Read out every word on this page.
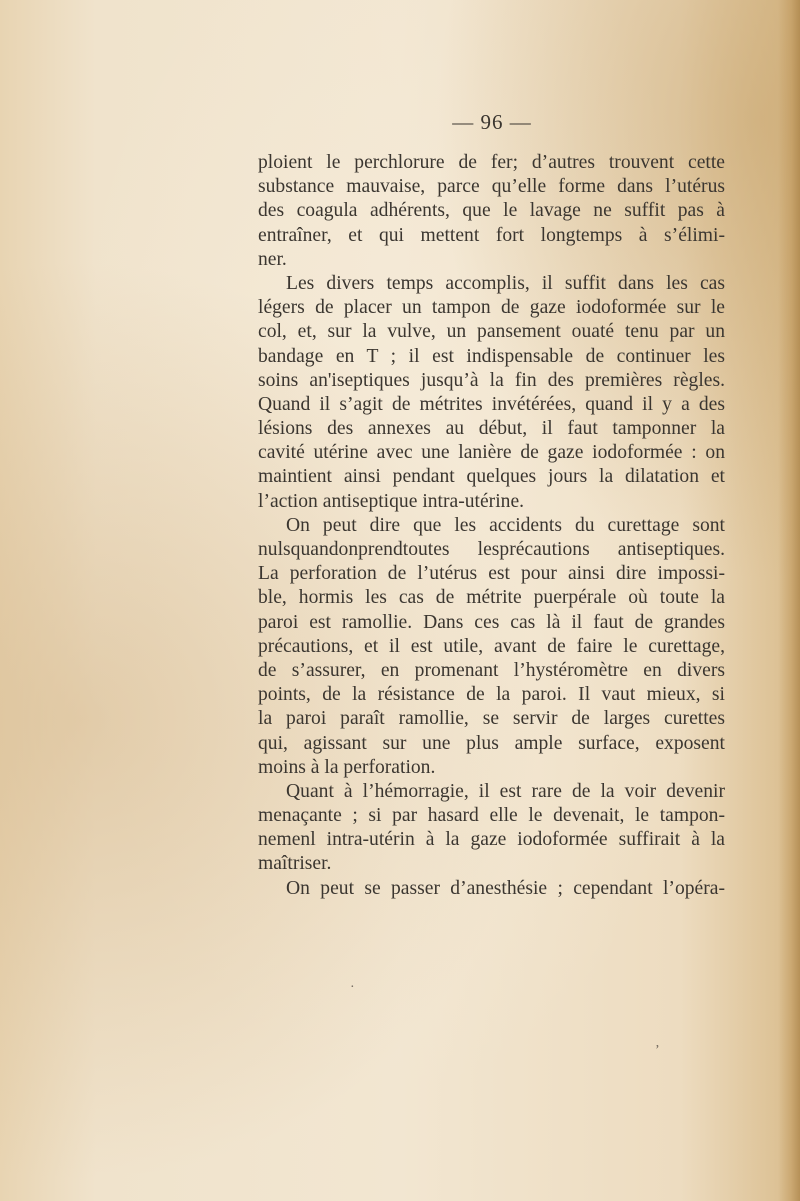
— 96 —
ploient le perchlorure de fer; d’autres trouvent cette
substance mauvaise, parce qu’elle forme dans l’utérus
des coagula adhérents, que le lavage ne suffit pas à
entraîner, et qui mettent fort longtemps à s’élimi-
ner.
Les divers temps accomplis, il suffit dans les cas
légers de placer un tampon de gaze iodoformée sur le
col, et, sur la vulve, un pansement ouaté tenu par un
bandage en T ; il est indispensable de continuer les
soins an'iseptiques jusqu’à la fin des premières règles.
Quand il s’agit de métrites invétérées, quand il y a des
lésions des annexes au début, il faut tamponner la
cavité utérine avec une lanière de gaze iodoformée : on
maintient ainsi pendant quelques jours la dilatation et
l’action antiseptique intra-utérine.
On peut dire que les accidents du curettage sont
nulsquandonprendtoutes lesprécautions antiseptiques.
La perforation de l’utérus est pour ainsi dire impossi-
ble, hormis les cas de métrite puerpérale où toute la
paroi est ramollie. Dans ces cas là il faut de grandes
précautions, et il est utile, avant de faire le curettage,
de s’assurer, en promenant l’hystéromètre en divers
points, de la résistance de la paroi. Il vaut mieux, si
la paroi paraît ramollie, se servir de larges curettes
qui, agissant sur une plus ample surface, exposent
moins à la perforation.
Quant à l’hémorragie, il est rare de la voir devenir
menaçante ; si par hasard elle le devenait, le tampon-
nemenl intra-utérin à la gaze iodoformée suffirait à la
maîtriser.
On peut se passer d’anesthésie ; cependant l’opéra-
ʼ
·
